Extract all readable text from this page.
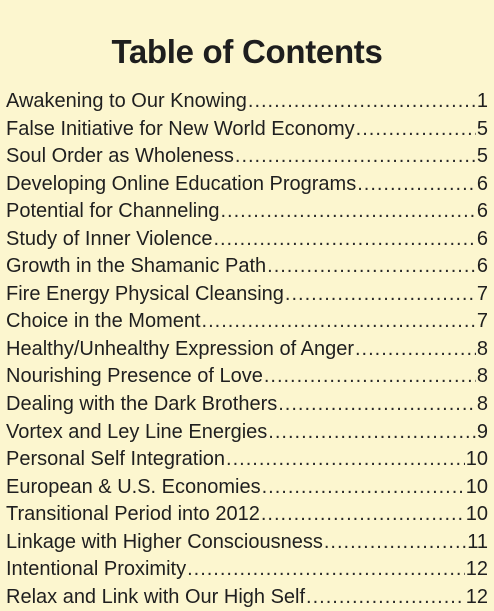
Table of Contents
Awakening to Our Knowing .....	1
False Initiative for New World Economy .....	5
Soul Order as Wholeness .....	5
Developing Online Education Programs .....	6
Potential for Channeling .....	6
Study of Inner Violence .....	6
Growth in the Shamanic Path .....	6
Fire Energy Physical Cleansing .....	7
Choice in the Moment .....	7
Healthy/Unhealthy Expression of Anger .....	8
Nourishing Presence of Love .....	8
Dealing with the Dark Brothers .....	8
Vortex and Ley Line Energies .....	9
Personal Self Integration .....	10
European & U.S. Economies .....	10
Transitional Period into 2012 .....	10
Linkage with Higher Consciousness .....	11
Intentional Proximity .....	12
Relax and Link with Our High Self .....	12
